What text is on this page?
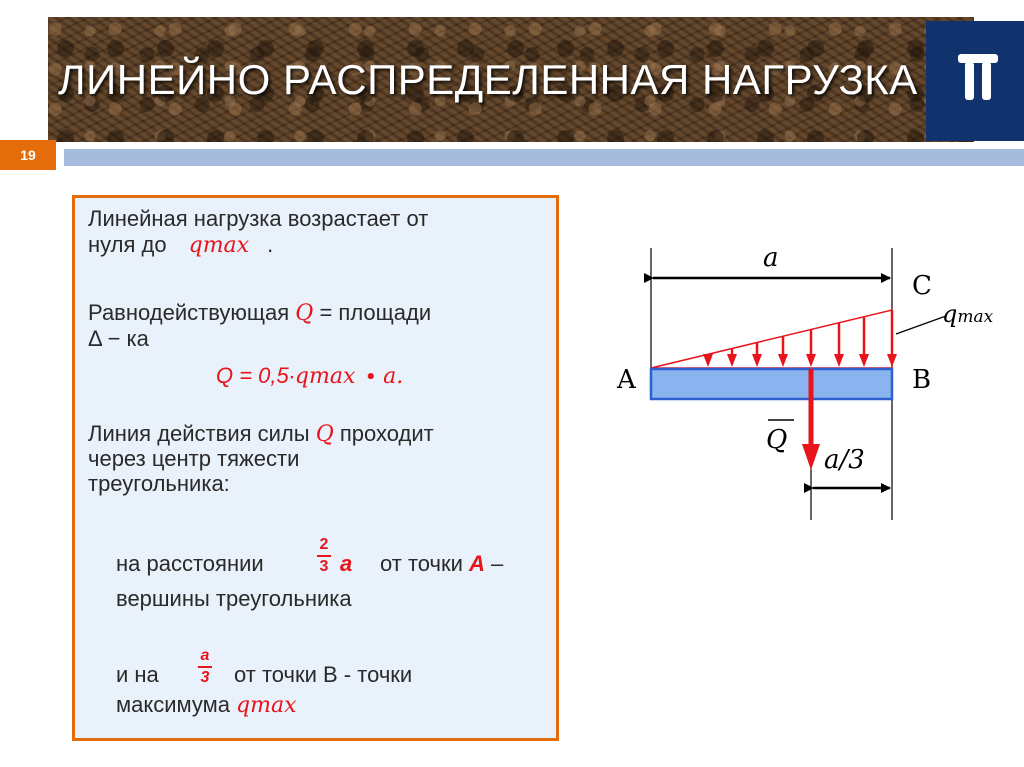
ЛИНЕЙНО РАСПРЕДЕЛЕННАЯ НАГРУЗКА
19
Линейная нагрузка возрастает от
нуля до 𝑞𝑚𝑎𝑥 .
Равнодействующая 𝑄 = площади
Δ − ка
Q = 0,5∙𝑞𝑚𝑎𝑥 ∙ 𝑎.
Линия действия силы 𝑄 проходит
через центр тяжести
треугольника:
на расстоянии
2
3 a от точки A –
вершины треугольника
и на
a
3 от точки В - точки
максимума 𝑞𝑚𝑎𝑥
a
C
qmax
A	B
Q
a/3
